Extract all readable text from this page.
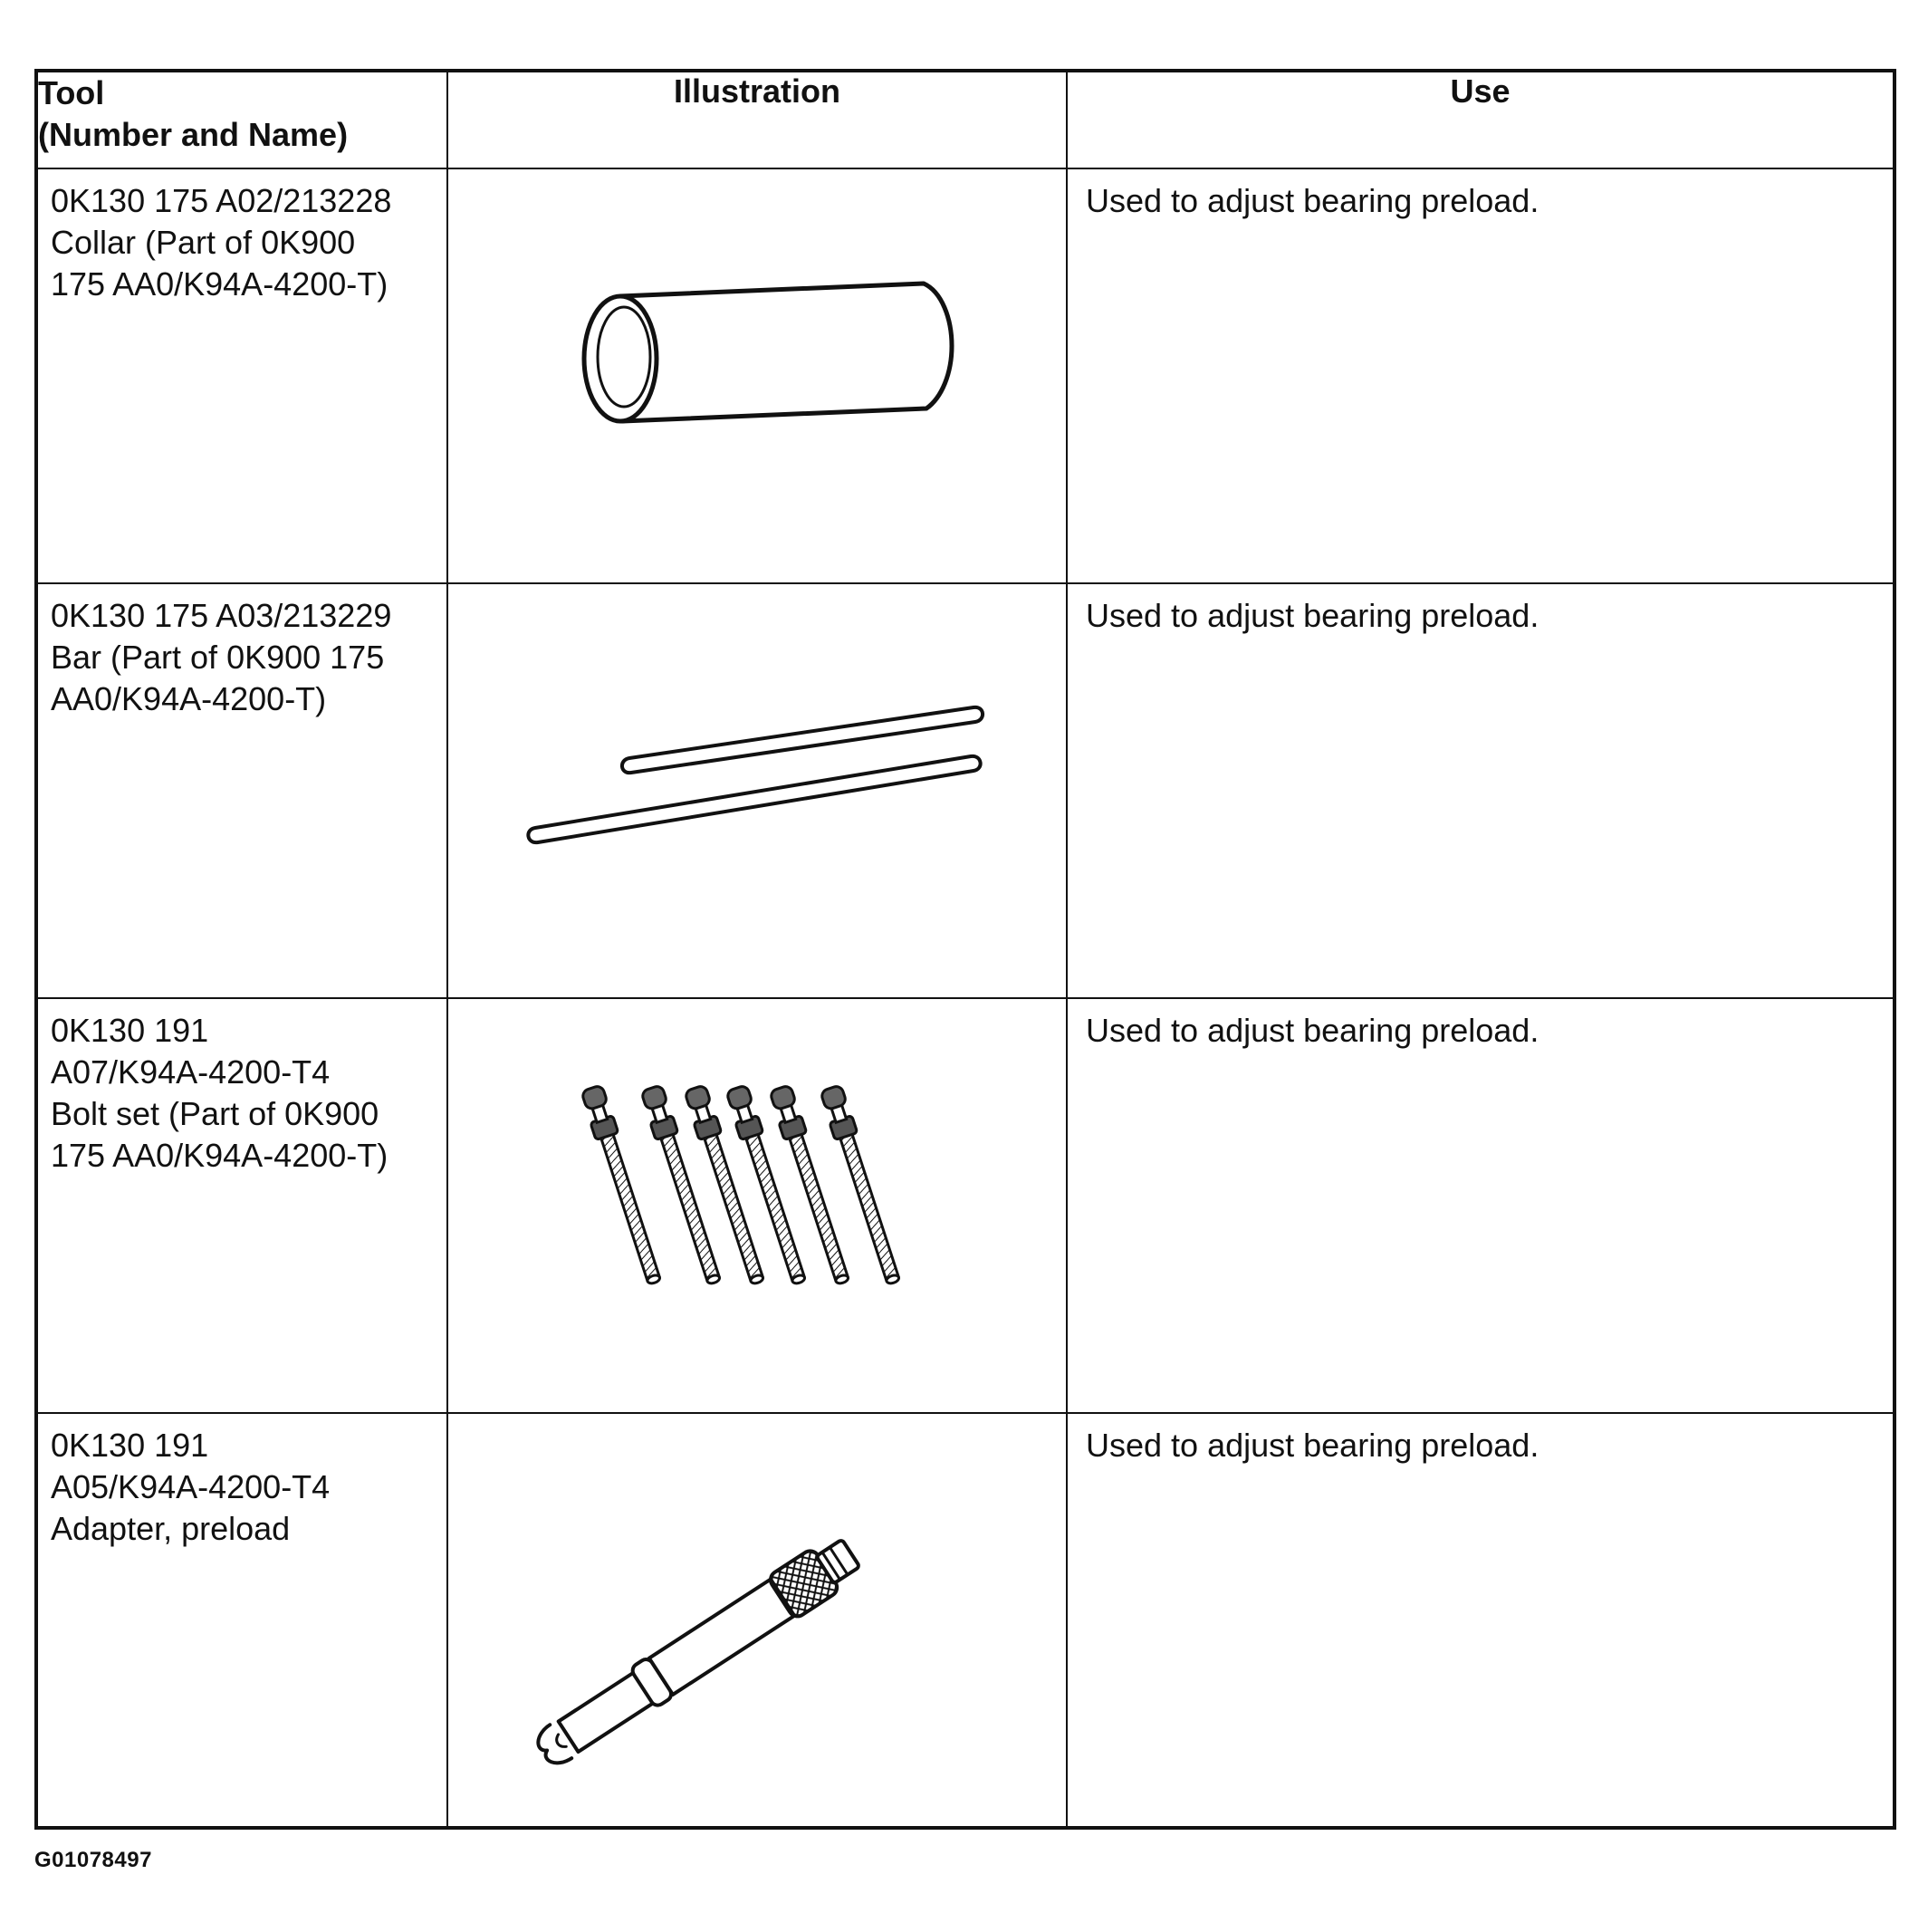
Tool
(Number and Name)	Illustration	Use

0K130 175 A02/213228
Collar (Part of 0K900
175 AA0/K94A-4200-T)		Used to adjust bearing preload.

0K130 175 A03/213229
Bar (Part of 0K900 175
AA0/K94A-4200-T)		Used to adjust bearing preload.

0K130 191
A07/K94A-4200-T4
Bolt set (Part of 0K900
175 AA0/K94A-4200-T)		Used to adjust bearing preload.

0K130 191
A05/K94A-4200-T4
Adapter, preload		Used to adjust bearing preload.
G01078497
